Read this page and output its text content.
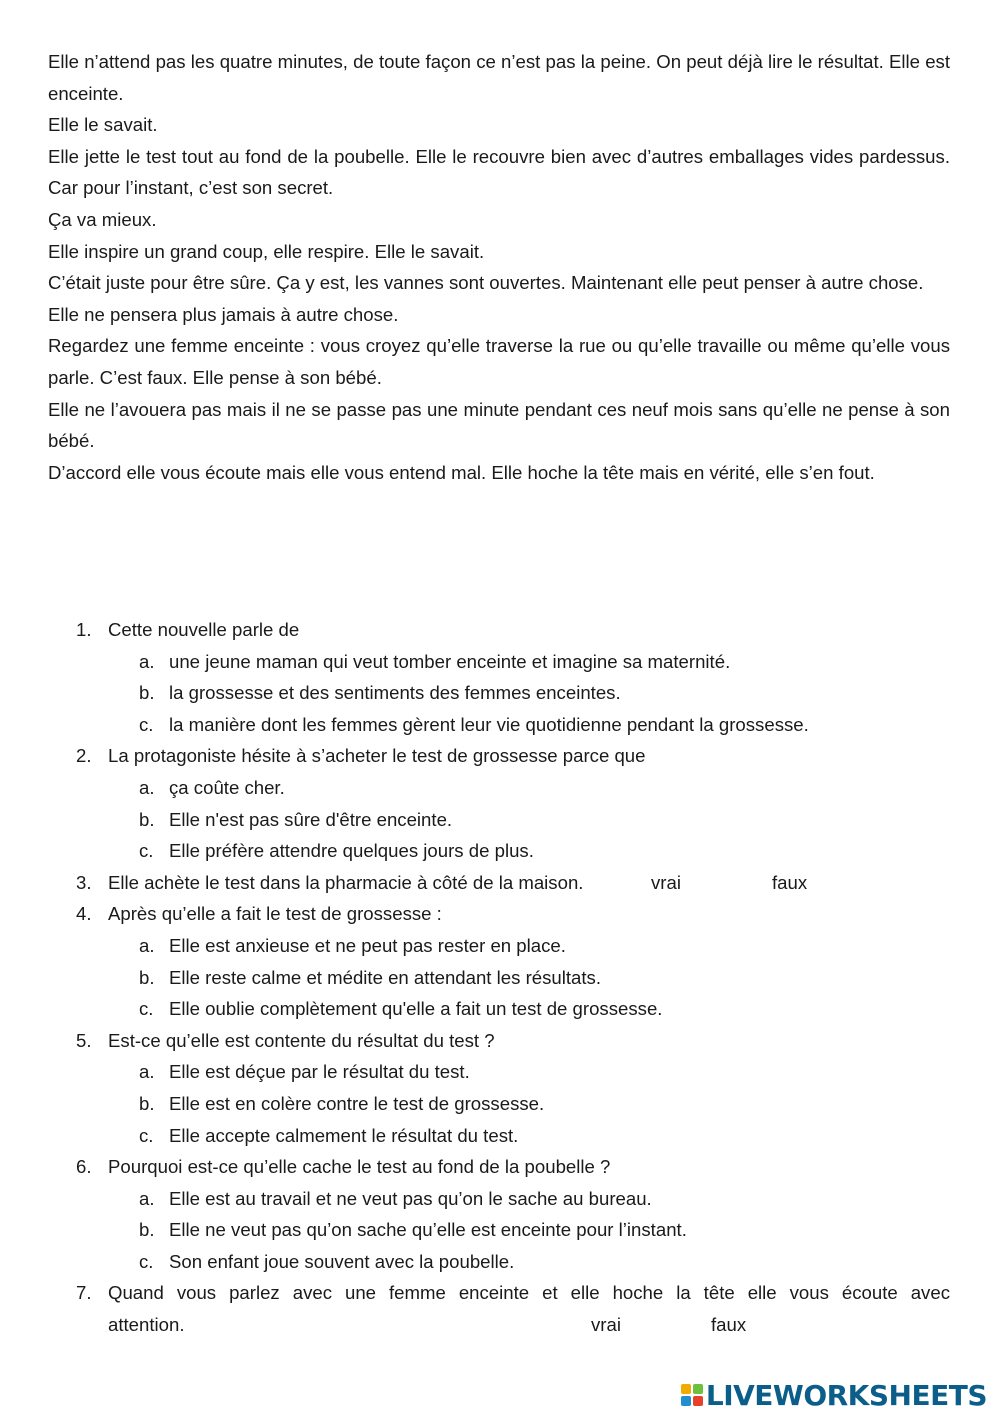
Elle n’attend pas les quatre minutes, de toute façon ce n’est pas la peine. On peut déjà lire le résultat. Elle est enceinte.

Elle le savait.

Elle jette le test tout au fond de la poubelle. Elle le recouvre bien avec d’autres emballages vides pardessus. Car pour l’instant, c’est son secret.

Ça va mieux.

Elle inspire un grand coup, elle respire. Elle le savait.

C’était juste pour être sûre. Ça y est, les vannes sont ouvertes. Maintenant elle peut penser à autre chose.

Elle ne pensera plus jamais à autre chose.

Regardez une femme enceinte : vous croyez qu’elle traverse la rue ou qu’elle travaille ou même qu’elle vous parle. C’est faux. Elle pense à son bébé.

Elle ne l’avouera pas mais il ne se passe pas une minute pendant ces neuf mois sans qu’elle ne pense à son bébé.

D’accord elle vous écoute mais elle vous entend mal. Elle hoche la tête mais en vérité, elle s’en fout.

1. Cette nouvelle parle de
a. une jeune maman qui veut tomber enceinte et imagine sa maternité.
b. la grossesse et des sentiments des femmes enceintes.
c. la manière dont les femmes gèrent leur vie quotidienne pendant la grossesse.
2. La protagoniste hésite à s’acheter le test de grossesse parce que
a. ça coûte cher.
b. Elle n'est pas sûre d'être enceinte.
c. Elle préfère attendre quelques jours de plus.
3. Elle achète le test dans la pharmacie à côté de la maison.	vrai	faux
4. Après qu’elle a fait le test de grossesse :
a. Elle est anxieuse et ne peut pas rester en place.
b. Elle reste calme et médite en attendant les résultats.
c. Elle oublie complètement qu'elle a fait un test de grossesse.
5. Est-ce qu’elle est contente du résultat du test ?
a. Elle est déçue par le résultat du test.
b. Elle est en colère contre le test de grossesse.
c. Elle accepte calmement le résultat du test.
6. Pourquoi est-ce qu’elle cache le test au fond de la poubelle ?
a. Elle est au travail et ne veut pas qu’on le sache au bureau.
b. Elle ne veut pas qu’on sache qu’elle est enceinte pour l’instant.
c. Son enfant joue souvent avec la poubelle.
7. Quand vous parlez avec une femme enceinte et elle hoche la tête elle vous écoute avec
attention.	vrai	faux
LIVEWORKSHEETS
